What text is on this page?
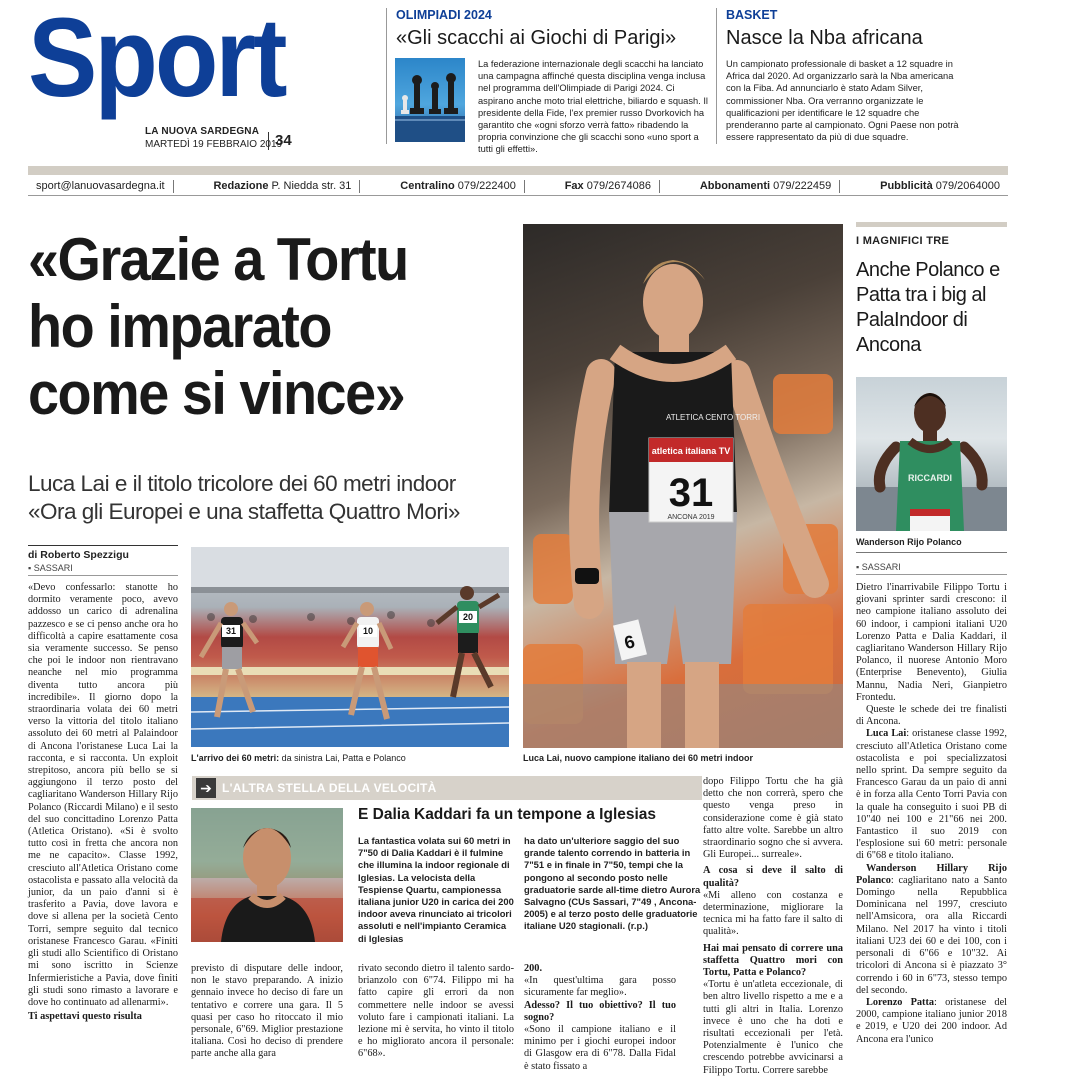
Sport
LA NUOVA SARDEGNA
MARTEDÌ 19 FEBBRAIO 2019
34
OLIMPIADI 2024
«Gli scacchi ai Giochi di Parigi»
La federazione internazionale degli scacchi ha lanciato una campagna affinché questa disciplina venga inclusa nel programma dell'Olimpiade di Parigi 2024. Ci aspirano anche moto trial elettriche, biliardo e squash. Il presidente della Fide, l'ex premier russo Dvorkovich ha garantito che «ogni sforzo verrà fatto» ribadendo la propria convinzione che gli scacchi sono «uno sport a tutti gli effetti».
BASKET
Nasce la Nba africana
Un campionato professionale di basket a 12 squadre in Africa dal 2020. Ad organizzarlo sarà la Nba americana con la Fiba. Ad annunciarlo è stato Adam Silver, commissioner Nba. Ora verranno organizzate le qualificazioni per identificare le 12 squadre che prenderanno parte al campionato. Ogni Paese non potrà essere rappresentato da più di due squadre.
sport@lanuovasardegna.it	Redazione P. Niedda str. 31	Centralino 079/222400	Fax 079/2674086	Abbonamenti 079/222459	Pubblicità 079/2064000
«Grazie a Tortu
ho imparato
come si vince»
Luca Lai e il titolo tricolore dei 60 metri indoor
«Ora gli Europei e una staffetta Quattro Mori»
di Roberto Spezzigu
▪ SASSARI
«Devo confessarlo: stanotte ho dormito veramente poco, avevo addosso un carico di adrenalina pazzesco e se ci penso anche ora ho difficoltà a capire esattamente cosa sia veramente successo. Se penso che poi le indoor non rientravano neanche nel mio programma diventa tutto ancora più incredibile». Il giorno dopo la straordinaria volata dei 60 metri verso la vittoria del titolo italiano assoluto dei 60 metri al Palaindoor di Ancona l'oristanese Luca Lai la racconta, e si racconta. Un exploit strepitoso, ancora più bello se si aggiungono il terzo posto del cagliaritano Wanderson Hillary Rijo Polanco (Riccardi Milano) e il sesto del suo concittadino Lorenzo Patta (Atletica Oristano). «Si è svolto tutto così in fretta che ancora non me ne capacito». Classe 1992, cresciuto all'Atletica Oristano come ostacolista e passato alla velocità da junior, da un paio d'anni si è trasferito a Pavia, dove lavora e dove si allena per la società Cento Torri, sempre seguito dal tecnico oristanese Francesco Garau. «Finiti gli studi allo Scientifico di Oristano mi sono iscritto in Scienze Infermieristiche a Pavia, dove finiti gli studi sono rimasto a lavorare e dove ho continuato ad allenarmi».
Ti aspettavi questo risulta
31	10
20
L'arrivo dei 60 metri: da sinistra Lai, Patta e Polanco
atletica italiana TV
31
ANCONA 2019
ATLETICA CENTO TORRI
6
Luca Lai, nuovo campione italiano dei 60 metri indoor
➔ L'ALTRA STELLA DELLA VELOCITÀ
E Dalia Kaddari fa un tempone a Iglesias
La fantastica volata sui 60 metri in 7"50 di Dalia Kaddari è il fulmine che illumina la indoor regionale di Iglesias. La velocista della Tespiense Quartu, campionessa italiana junior U20 in carica dei 200 indoor aveva rinunciato ai tricolori assoluti e nell'impianto Ceramica di Iglesias
ha dato un'ulteriore saggio del suo grande talento correndo in batteria in 7"51 e in finale in 7"50, tempi che la pongono al secondo posto nelle graduatorie sarde all-time dietro Aurora Salvagno (CUs Sassari, 7"49 , Ancona-2005) e al terzo posto delle graduatorie italiane U20 stagionali. (r.p.)
previsto di disputare delle indoor, non le stavo preparando. A inizio gennaio invece ho deciso di fare un tentativo e correre una gara. Il 5 quasi per caso ho ritoccato il mio personale, 6"69. Miglior prestazione italiana. Così ho deciso di prendere parte anche alla gara
rivato secondo dietro il talento sardo-brianzolo con 6"74. Filippo mi ha fatto capire gli errori da non commettere nelle indoor se avessi voluto fare i campionati italiani. La lezione mi è servita, ho vinto il titolo e ho migliorato ancora il personale: 6"68».
200.
«In quest'ultima gara posso sicuramente far meglio».
Adesso? Il tuo obiettivo? Il tuo sogno?
«Sono il campione italiano e il minimo per i giochi europei indoor di Glasgow era di 6"78. Dalla Fidal è stato fissato a
dopo Filippo Tortu che ha già detto che non correrà, spero che questo venga preso in considerazione come è già stato fatto altre volte. Sarebbe un altro straordinario sogno che si avvera. Gli Europei... surreale».
A cosa si deve il salto di qualità?
«Mi alleno con costanza e determinazione, migliorare la tecnica mi ha fatto fare il salto di qualità».
Hai mai pensato di correre una staffetta Quattro mori con Tortu, Patta e Polanco?
«Tortu è un'atleta eccezionale, di ben altro livello rispetto a me e a tutti gli altri in Italia. Lorenzo invece è uno che ha doti e risultati eccezionali per l'età. Potenzialmente è l'unico che crescendo potrebbe avvicinarsi a Filippo Tortu. Correre sarebbe
I MAGNIFICI TRE
Anche Polanco e Patta tra i big al PalaIndoor di Ancona
RICCARDI
Wanderson Rijo Polanco
▪ SASSARI
Dietro l'inarrivabile Filippo Tortu i giovani sprinter sardi crescono: il neo campione italiano assoluto dei 60 indoor, i campioni italiani U20 Lorenzo Patta e Dalia Kaddari, il cagliaritano Wanderson Hillary Rijo Polanco, il nuorese Antonio Moro (Enterprise Benevento), Giulia Mannu, Nadia Neri, Gianpietro Frontedu.
Queste le schede dei tre finalisti di Ancona.
Luca Lai: oristanese classe 1992, cresciuto all'Atletica Oristano come ostacolista e poi specializzatosi nello sprint. Da sempre seguito da Francesco Garau da un paio di anni è in forza alla Cento Torri Pavia con la quale ha conseguito i suoi PB di 10"40 nei 100 e 21"66 nei 200. Fantastico il suo 2019 con l'esplosione sui 60 metri: personale di 6"68 e titolo italiano.
Wanderson Hillary Rijo Polanco: cagliaritano nato a Santo Domingo nella Repubblica Dominicana nel 1997, cresciuto nell'Amsicora, ora alla Riccardi Milano. Nel 2017 ha vinto i titoli italiani U23 dei 60 e dei 100, con i personali di 6"66 e 10"32. Ai tricolori di Ancona si è piazzato 3° correndo i 60 in 6"73, stesso tempo del secondo.
Lorenzo Patta: oristanese del 2000, campione italiano junior 2018 e 2019, e U20 dei 200 indoor. Ad Ancona era l'unico
